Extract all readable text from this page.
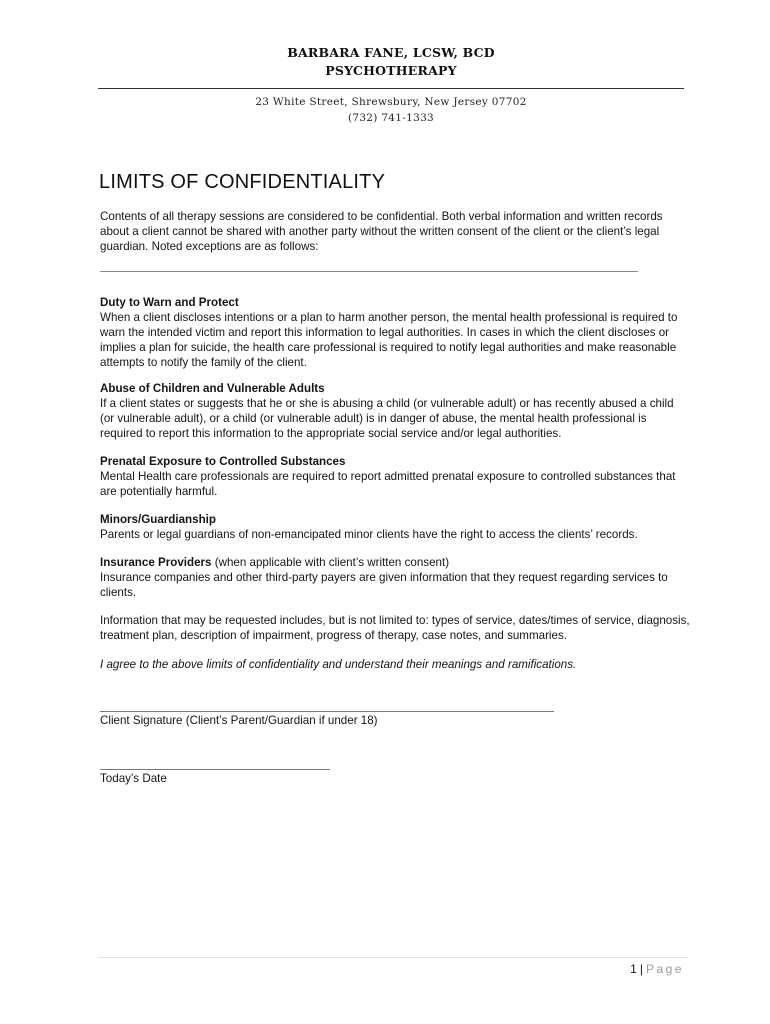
BARBARA FANE, LCSW, BCD
PSYCHOTHERAPY
23 White Street, Shrewsbury, New Jersey 07702
(732) 741-1333
LIMITS OF CONFIDENTIALITY

Contents of all therapy sessions are considered to be confidential. Both verbal information and written records about a client cannot be shared with another party without the written consent of the client or the client’s legal guardian. Noted exceptions are as follows:

Duty to Warn and Protect

When a client discloses intentions or a plan to harm another person, the mental health professional is required to warn the intended victim and report this information to legal authorities. In cases in which the client discloses or implies a plan for suicide, the health care professional is required to notify legal authorities and make reasonable attempts to notify the family of the client.

Abuse of Children and Vulnerable Adults

If a client states or suggests that he or she is abusing a child (or vulnerable adult) or has recently abused a child (or vulnerable adult), or a child (or vulnerable adult) is in danger of abuse, the mental health professional is required to report this information to the appropriate social service and/or legal authorities.

Prenatal Exposure to Controlled Substances

Mental Health care professionals are required to report admitted prenatal exposure to controlled substances that are potentially harmful.

Minors/Guardianship

Parents or legal guardians of non-emancipated minor clients have the right to access the clients’ records.

Insurance Providers (when applicable with client’s written consent)

Insurance companies and other third-party payers are given information that they request regarding services to clients.

Information that may be requested includes, but is not limited to: types of service, dates/times of service, diagnosis, treatment plan, description of impairment, progress of therapy, case notes, and summaries.

I agree to the above limits of confidentiality and understand their meanings and ramifications.

Client Signature (Client’s Parent/Guardian if under 18)
Today’s Date
1 | Page
